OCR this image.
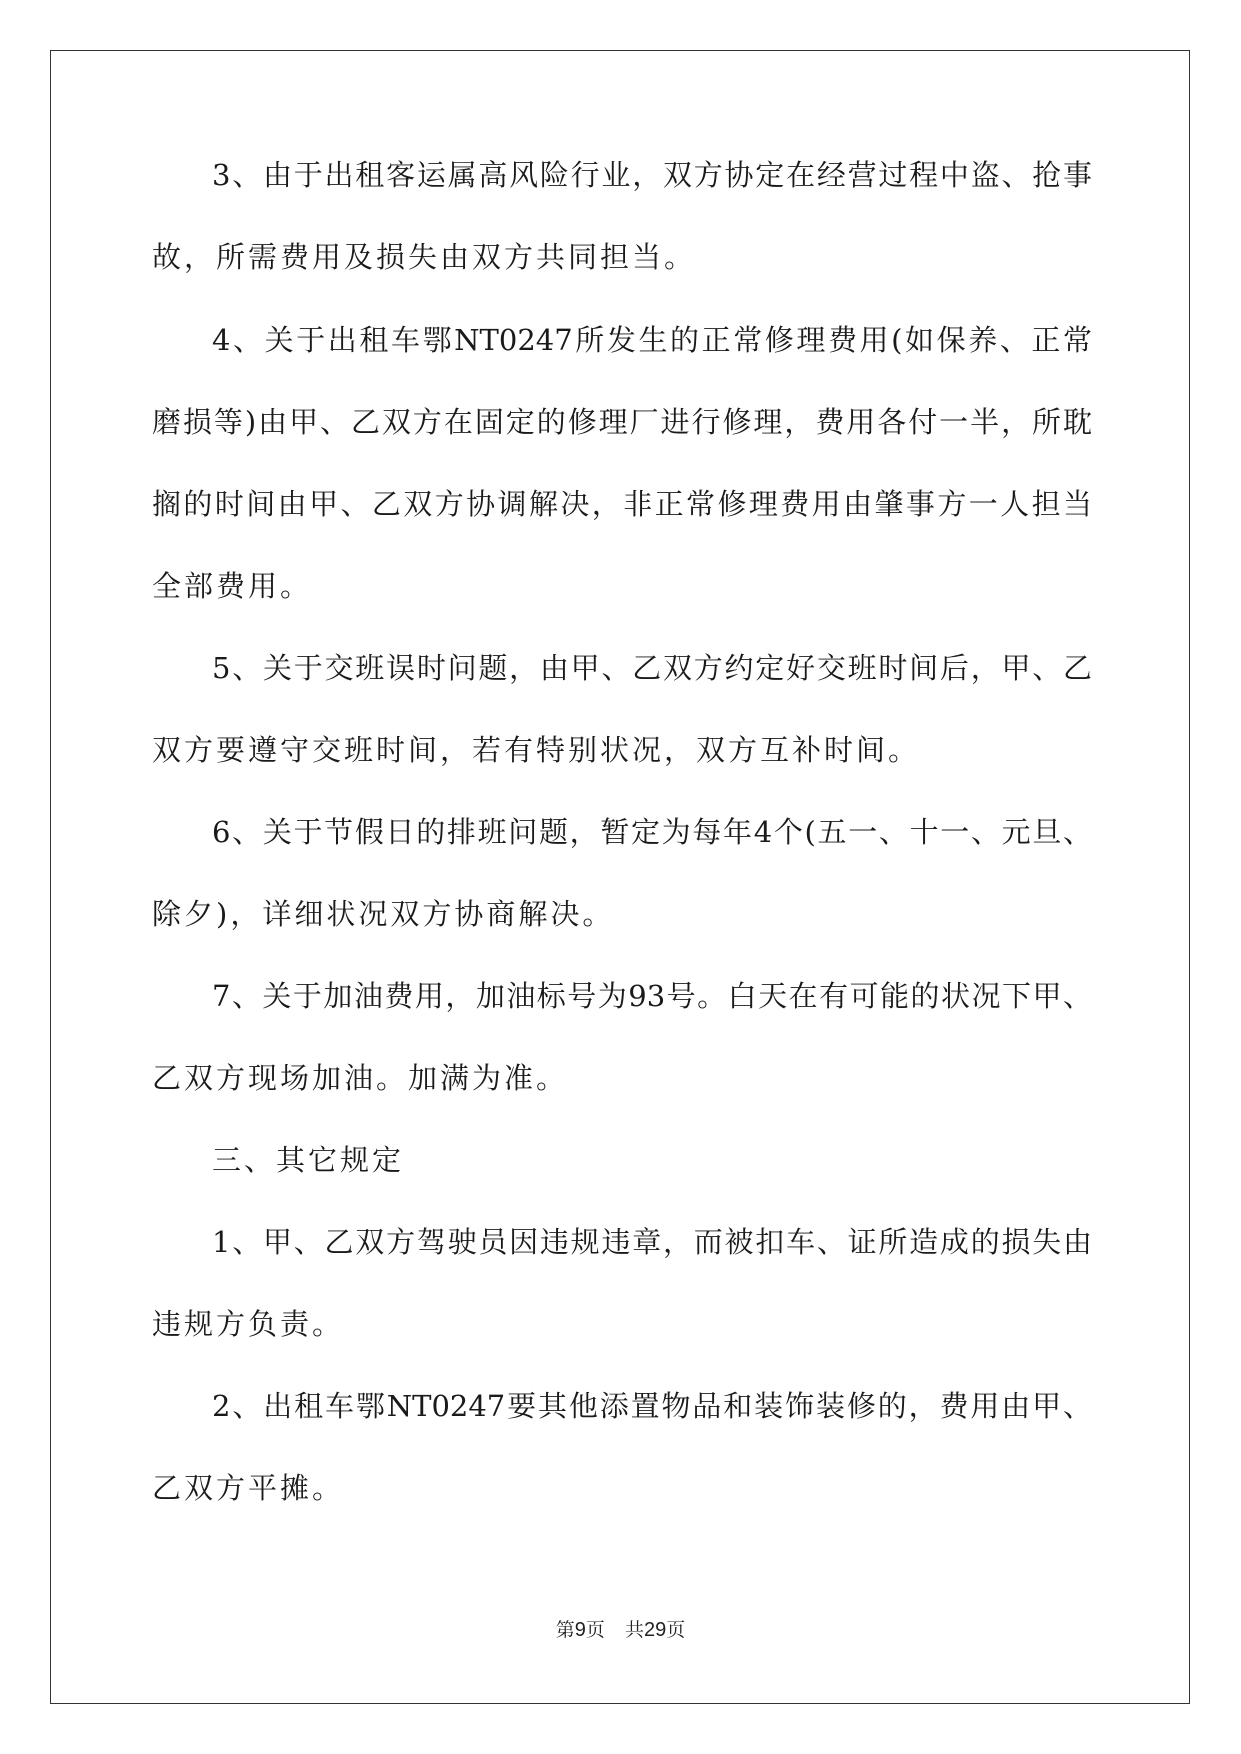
3、由于出租客运属高风险行业，双方协定在经营过程中盗、抢事
故，所需费用及损失由双方共同担当。
4、关于出租车鄂NT0247所发生的正常修理费用(如保养、正常
磨损等)由甲、乙双方在固定的修理厂进行修理，费用各付一半，所耽
搁的时间由甲、乙双方协调解决，非正常修理费用由肇事方一人担当
全部费用。
5、关于交班误时问题，由甲、乙双方约定好交班时间后，甲、乙
双方要遵守交班时间，若有特别状况，双方互补时间。
6、关于节假日的排班问题，暂定为每年4个(五一、十一、元旦、
除夕)，详细状况双方协商解决。
7、关于加油费用，加油标号为93号。白天在有可能的状况下甲、
乙双方现场加油。加满为准。
三、其它规定
1、甲、乙双方驾驶员因违规违章，而被扣车、证所造成的损失由
违规方负责。
2、出租车鄂NT0247要其他添置物品和装饰装修的，费用由甲、
乙双方平摊。
第9页 共29页
